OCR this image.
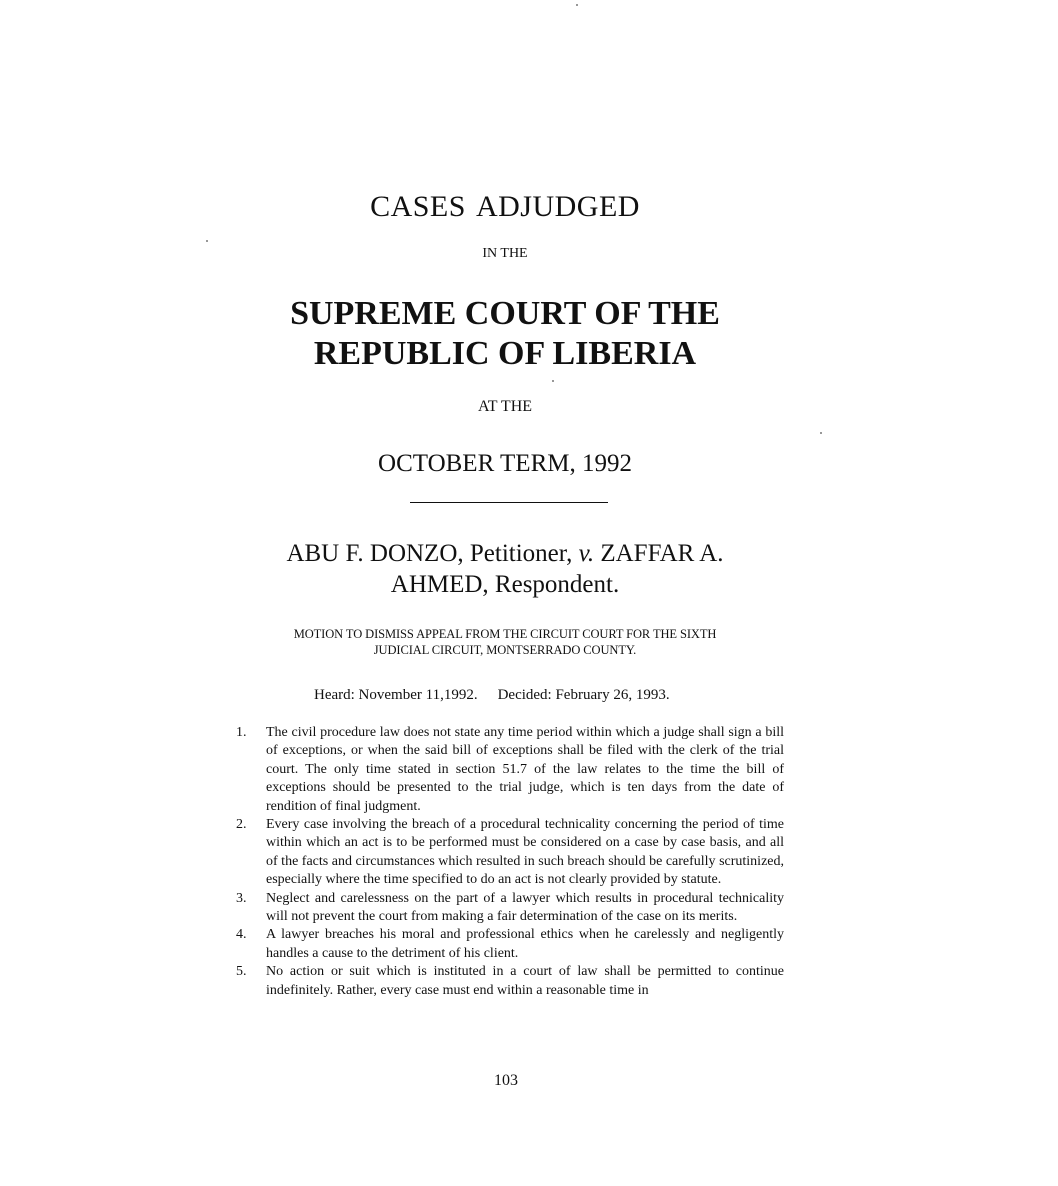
CASES ADJUDGED
IN THE
SUPREME COURT OF THE
REPUBLIC OF LIBERIA
AT THE
OCTOBER TERM, 1992
ABU F. DONZO, Petitioner, v. ZAFFAR A.
AHMED, Respondent.
MOTION TO DISMISS APPEAL FROM THE CIRCUIT COURT FOR THE SIXTH
JUDICIAL CIRCUIT, MONTSERRADO COUNTY.
Heard: November 11,1992. Decided: February 26, 1993.
1.	The civil procedure law does not state any time period within which a judge shall sign a bill of exceptions, or when the said bill of exceptions shall be filed with the clerk of the trial court. The only time stated in section 51.7 of the law relates to the time the bill of exceptions should be presented to the trial judge, which is ten days from the date of rendition of final judgment.
2.	Every case involving the breach of a procedural technicality concerning the period of time within which an act is to be performed must be considered on a case by case basis, and all of the facts and circumstances which resulted in such breach should be carefully scrutinized, especially where the time specified to do an act is not clearly provided by statute.
3.	Neglect and carelessness on the part of a lawyer which results in procedural technicality will not prevent the court from making a fair determination of the case on its merits.
4.	A lawyer breaches his moral and professional ethics when he carelessly and negligently handles a cause to the detriment of his client.
5.	No action or suit which is instituted in a court of law shall be permitted to continue indefinitely. Rather, every case must end within a reasonable time in
103
